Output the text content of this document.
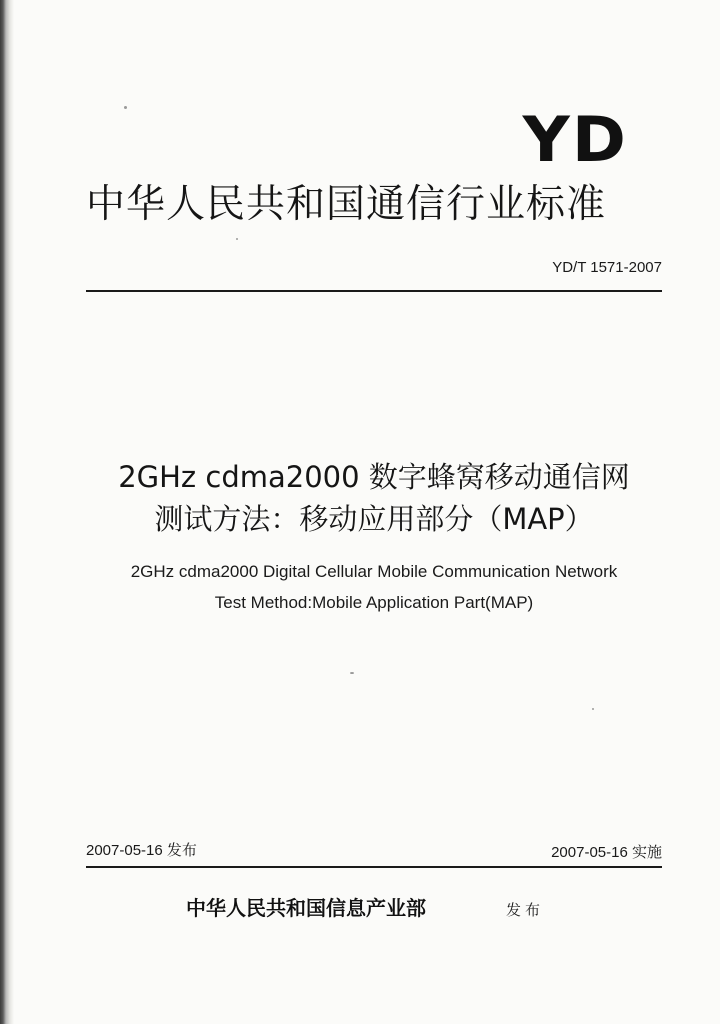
YD
中华人民共和国通信行业标准
YD/T 1571-2007
2GHz cdma2000 数字蜂窝移动通信网
测试方法：移动应用部分（MAP）
2GHz cdma2000 Digital Cellular Mobile Communication Network
Test Method:Mobile Application Part(MAP)
2007-05-16 发布	2007-05-16 实施
中华人民共和国信息产业部	发布
